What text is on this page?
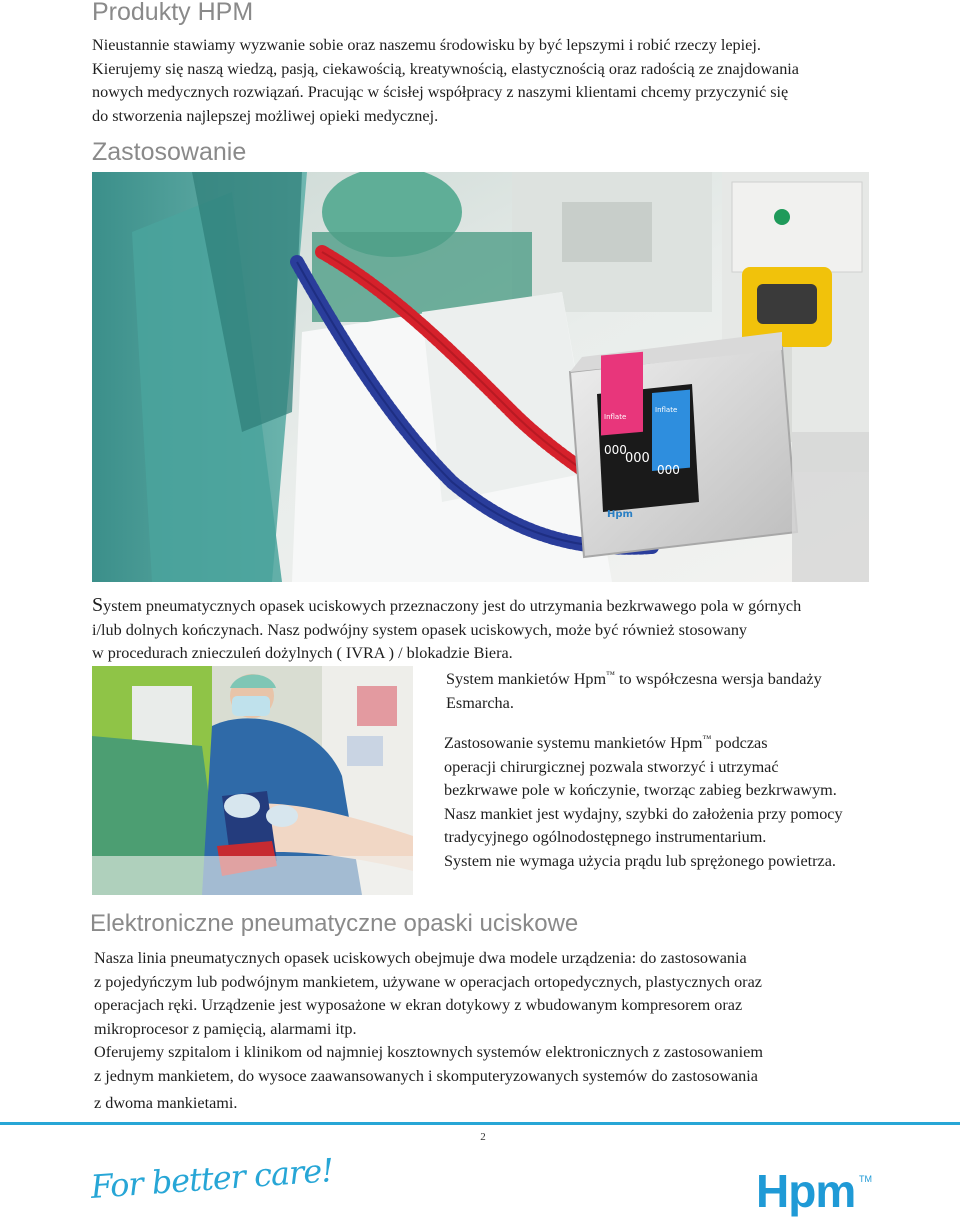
Produkty HPM

Nieustannie stawiamy wyzwanie sobie oraz naszemu środowisku by być lepszymi i robić rzeczy lepiej.
Kierujemy się naszą wiedzą, pasją, ciekawością, kreatywnością, elastycznością oraz radością ze znajdowania
nowych medycznych rozwiązań. Pracując w ścisłej współpracy z naszymi klientami chcemy przyczynić się
do stworzenia najlepszej możliwej opieki medycznej.

Zastosowanie
Inflate
Inflate
000
000
000
Hpm

System pneumatycznych opasek uciskowych przeznaczony jest do utrzymania bezkrwawego pola w górnych
i/lub dolnych kończynach. Nasz podwójny system opasek uciskowych, może być również stosowany
w procedurach znieczuleń dożylnych ( IVRA ) / blokadzie Biera.

System mankietów Hpm™ to współczesna wersja bandaży
Esmarcha.

Zastosowanie systemu mankietów Hpm™ podczas
operacji chirurgicznej pozwala stworzyć i utrzymać
bezkrwawe pole w kończynie, tworząc zabieg bezkrwawym.
Nasz mankiet jest wydajny, szybki do założenia przy pomocy
tradycyjnego ogólnodostępnego instrumentarium.
System nie wymaga użycia prądu lub sprężonego powietrza.

Elektroniczne pneumatyczne opaski uciskowe

Nasza linia pneumatycznych opasek uciskowych obejmuje dwa modele urządzenia: do zastosowania
z pojedyńczym lub podwójnym mankietem, używane w operacjach ortopedycznych, plastycznych oraz
operacjach ręki. Urządzenie jest wyposażone w ekran dotykowy z wbudowanym kompresorem oraz
mikroprocesor z pamięcią, alarmami itp.
Oferujemy szpitalom i klinikom od najmniej kosztownych systemów elektronicznych z zastosowaniem
z jednym mankietem, do wysoce zaawansowanych i skomputeryzowanych systemów do zastosowania
z dwoma mankietami.

2
For better care!	Hpm TM
